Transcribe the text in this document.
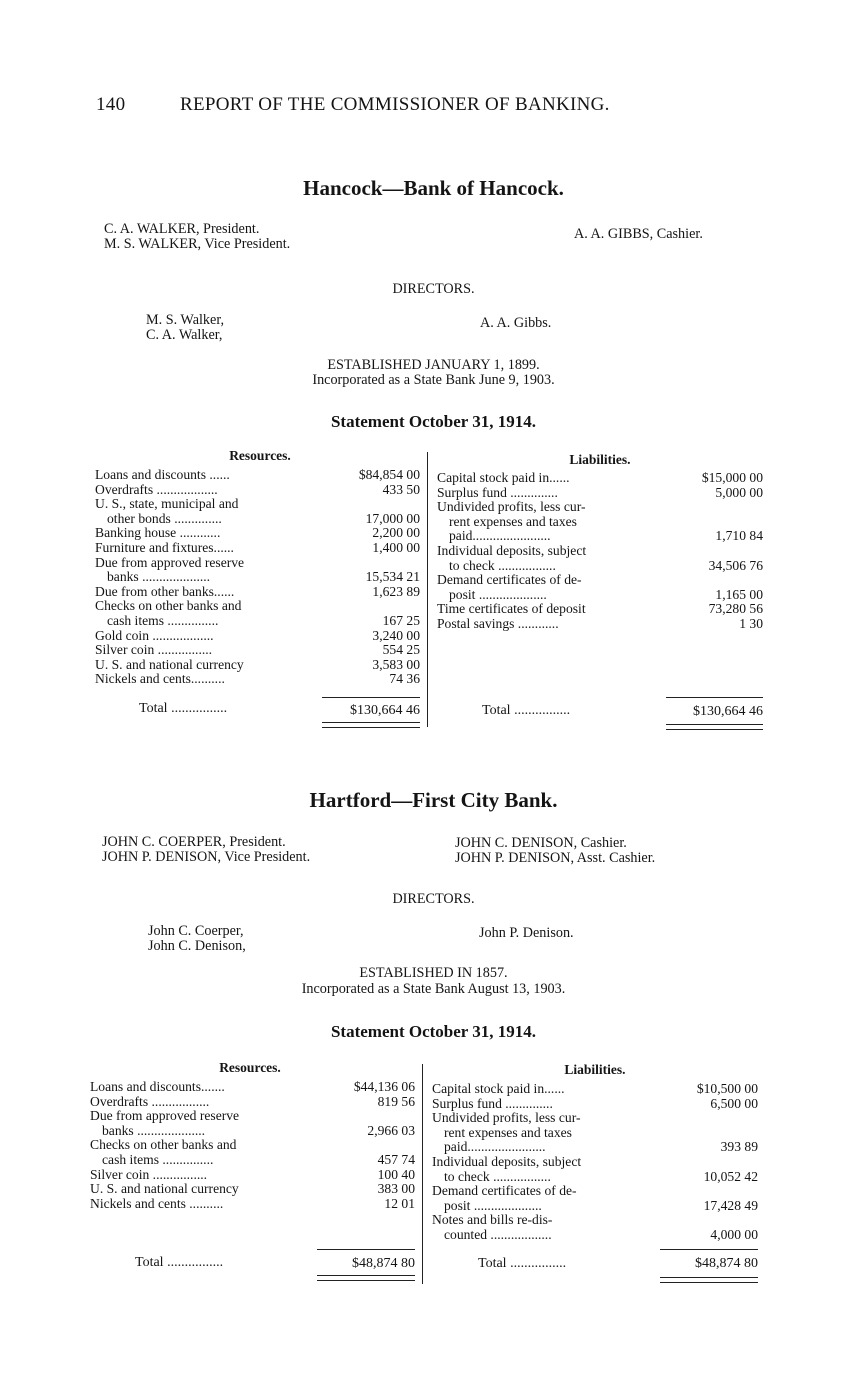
140	REPORT OF THE COMMISSIONER OF BANKING.
Hancock—Bank of Hancock.
C. A. WALKER, President.
M. S. WALKER, Vice President.
A. A. GIBBS, Cashier.
DIRECTORS.
M. S. Walker,
C. A. Walker,
A. A. Gibbs.
ESTABLISHED JANUARY 1, 1899.
Incorporated as a State Bank June 9, 1903.
Statement October 31, 1914.
Resources.	Liabilities.
Loans and discounts ......	$84,854 00
Overdrafts ..................	433 50
U. S., state, municipal and
other bonds ..............	17,000 00
Banking house ............	2,200 00
Furniture and fixtures......	1,400 00
Due from approved reserve
banks ....................	15,534 21
Due from other banks......	1,623 89
Checks on other banks and
cash items ...............	167 25
Gold coin ..................	3,240 00
Silver coin ................	554 25
U. S. and national currency	3,583 00
Nickels and cents..........	74 36
Capital stock paid in......	$15,000 00
Surplus fund ..............	5,000 00
Undivided profits, less cur-
rent expenses and taxes
paid.......................	1,710 84
Individual deposits, subject
to check .................	34,506 76
Demand certificates of de-
posit ....................	1,165 00
Time certificates of deposit	73,280 56
Postal savings ............	1 30
Total ................	$130,664 46	Total ................	$130,664 46
Hartford—First City Bank.
JOHN C. COERPER, President.
JOHN P. DENISON, Vice President.
JOHN C. DENISON, Cashier.
JOHN P. DENISON, Asst. Cashier.
DIRECTORS.
John C. Coerper,
John C. Denison,
John P. Denison.
ESTABLISHED IN 1857.
Incorporated as a State Bank August 13, 1903.
Statement October 31, 1914.
Resources.	Liabilities.
Loans and discounts.......	$44,136 06
Overdrafts .................	819 56
Due from approved reserve
banks ....................	2,966 03
Checks on other banks and
cash items ...............	457 74
Silver coin ................	100 40
U. S. and national currency	383 00
Nickels and cents ..........	12 01
Capital stock paid in......	$10,500 00
Surplus fund ..............	6,500 00
Undivided profits, less cur-
rent expenses and taxes
paid.......................	393 89
Individual deposits, subject
to check .................	10,052 42
Demand certificates of de-
posit ....................	17,428 49
Notes and bills re-dis-
counted ..................	4,000 00
Total ................	$48,874 80	Total ................	$48,874 80
